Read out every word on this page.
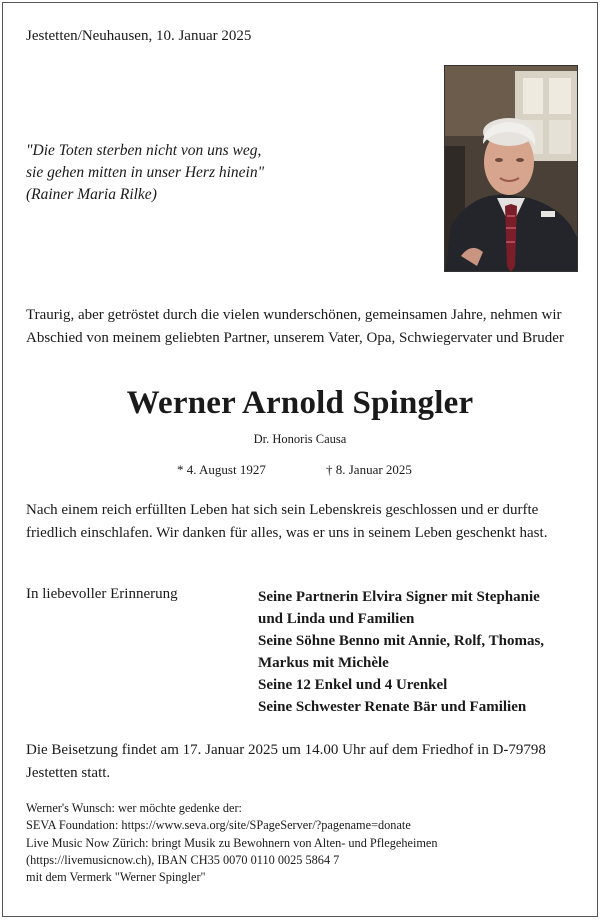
Jestetten/Neuhausen, 10. Januar 2025
"Die Toten sterben nicht von uns weg,
sie gehen mitten in unser Herz hinein"
(Rainer Maria Rilke)
Traurig, aber getröstet durch die vielen wunderschönen, gemeinsamen Jahre, nehmen wir Abschied von meinem geliebten Partner, unserem Vater, Opa, Schwiegervater und Bruder
Werner Arnold Spingler
Dr. Honoris Causa
* 4. August 1927	† 8. Januar 2025
Nach einem reich erfüllten Leben hat sich sein Lebenskreis geschlossen und er durfte friedlich einschlafen. Wir danken für alles, was er uns in seinem Leben geschenkt hast.
In liebevoller Erinnerung	Seine Partnerin Elvira Signer mit Stephanie
und Linda und Familien
Seine Söhne Benno mit Annie, Rolf, Thomas,
Markus mit Michèle
Seine 12 Enkel und 4 Urenkel
Seine Schwester Renate Bär und Familien
Die Beisetzung findet am 17. Januar 2025 um 14.00 Uhr auf dem Friedhof in D-79798 Jestetten statt.
Werner's Wunsch: wer möchte gedenke der:
SEVA Foundation: https://www.seva.org/site/SPageServer/?pagename=donate
Live Music Now Zürich: bringt Musik zu Bewohnern von Alten- und Pflegeheimen
(https://livemusicnow.ch), IBAN CH35 0070 0110 0025 5864 7
mit dem Vermerk "Werner Spingler"
